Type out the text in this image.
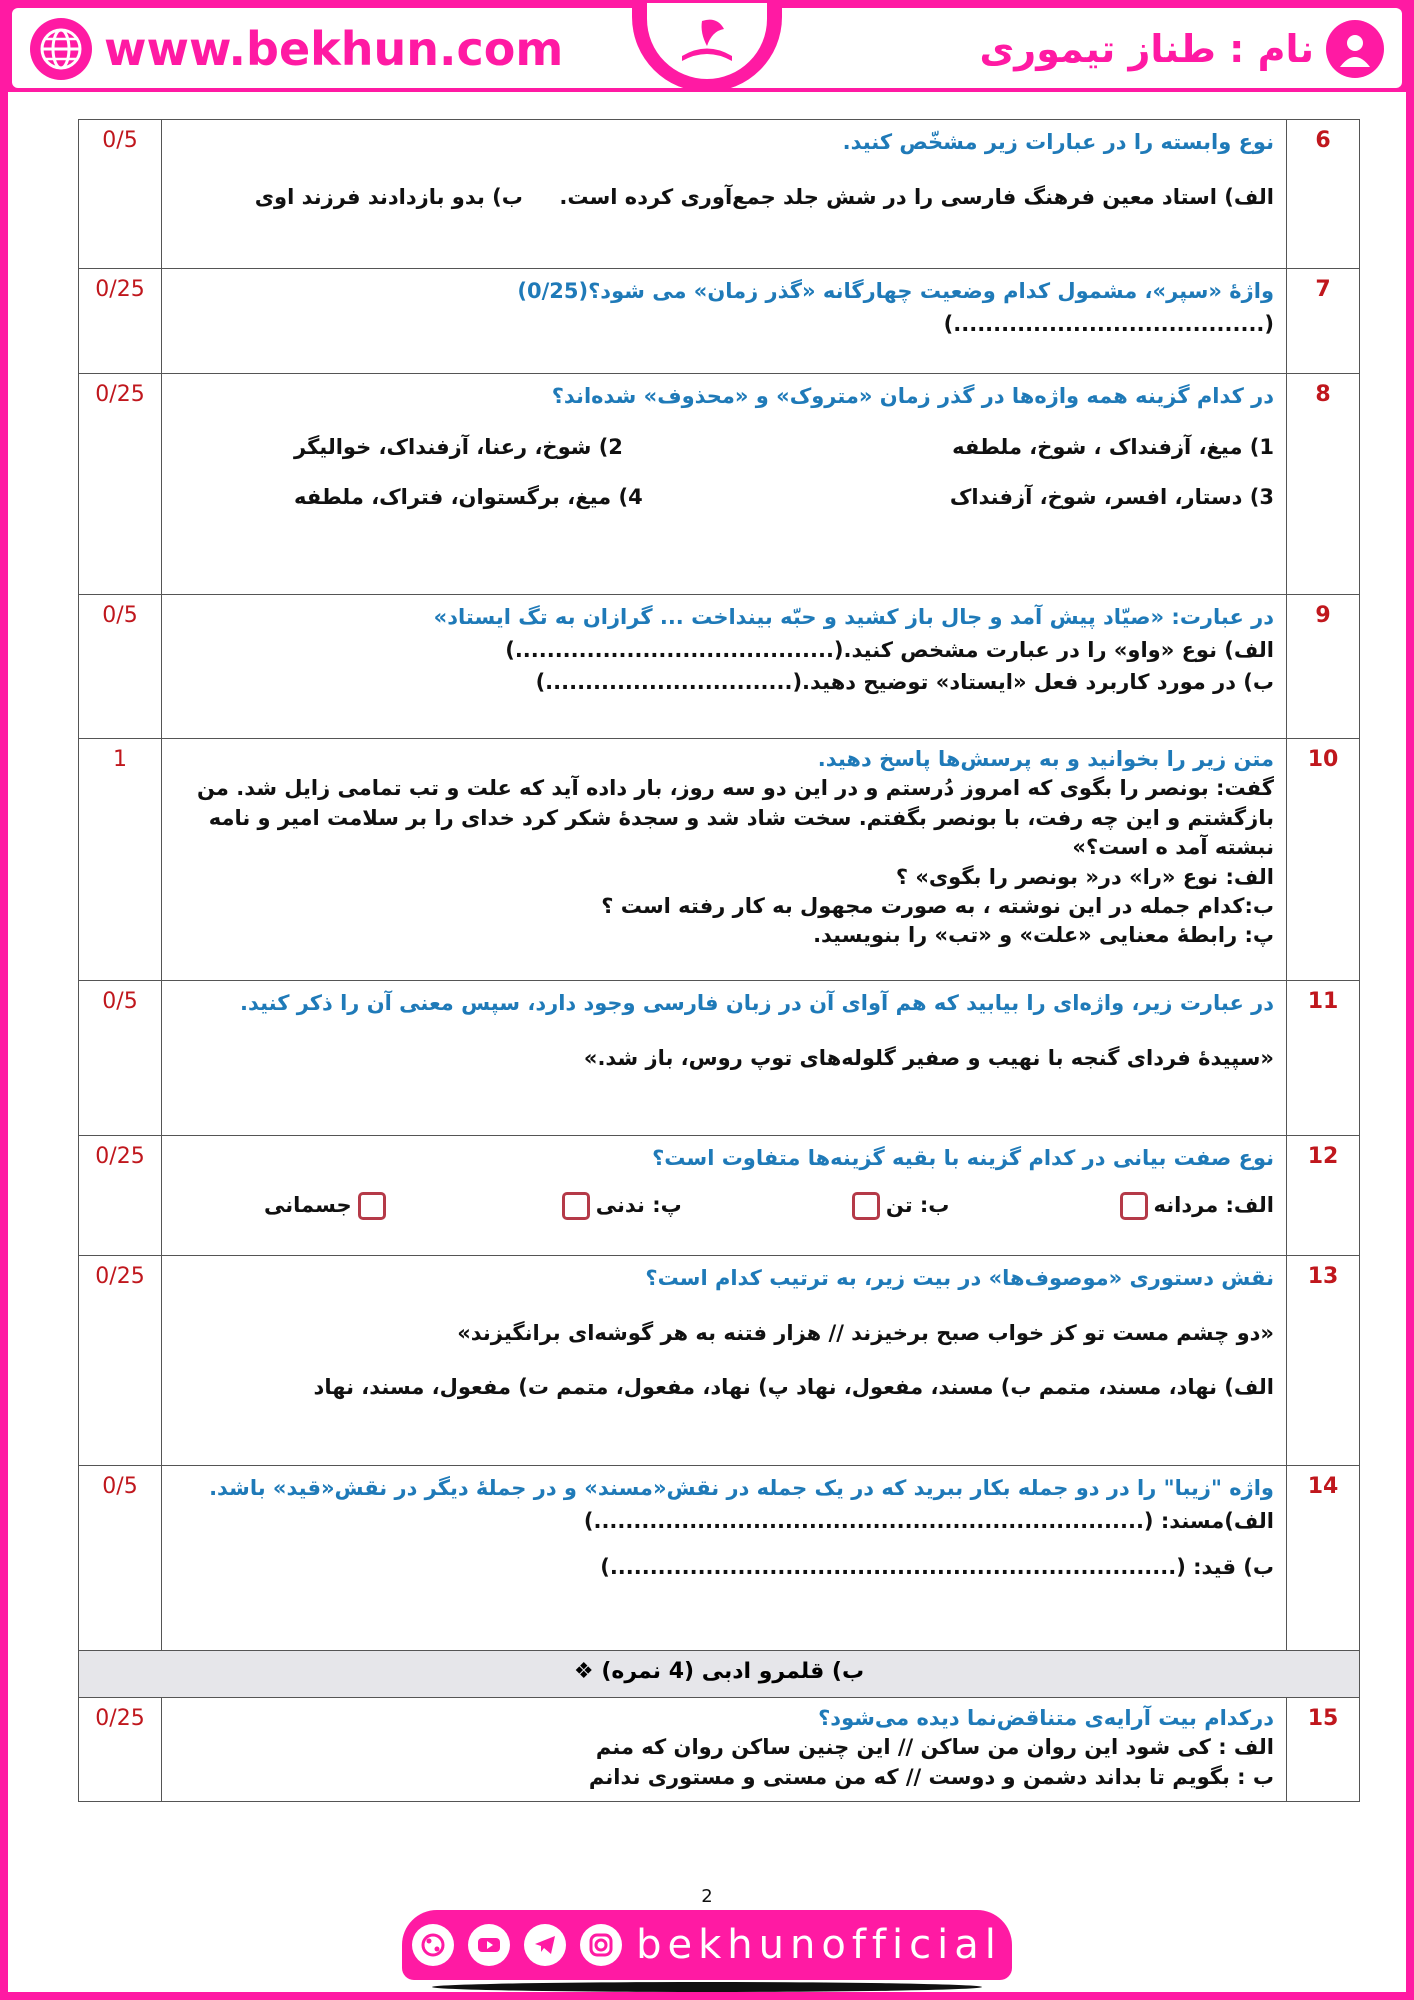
www.bekhun.com	نام : طناز تیموری
0/5	نوع وابسته را در عبارات زیر مشخّص کنید.
الف) استاد معین فرهنگ فارسی را در شش جلد جمع‌آوری کرده است.     ب) بدو بازدادند فرزند اوی	6
0/25	واژهٔ «سپر»، مشمول کدام وضعیت چهارگانه «گذر زمان» می شود؟(0/25)
(.......................................)	7
0/25	در کدام گزینه همه واژه‌ها در گذر زمان «متروک» و «محذوف» شده‌اند؟
1) میغ، آزفنداک ، شوخ، ملطفه
2) شوخ، رعنا، آزفنداک، خوالیگر
3) دستار، افسر، شوخ، آزفنداک
4) میغ، برگستوان، فتراک، ملطفه	8
0/5	در عبارت: «صیّاد پیش آمد و جال باز کشید و حبّه بینداخت ... گرازان به تگ ایستاد»
الف) نوع «واو» را در عبارت مشخص کنید.(........................................)
ب) در مورد کاربرد فعل «ایستاد» توضیح دهید.(...............................)	9
1	متن زیر را بخوانید و به پرسش‌ها پاسخ دهید.
گفت: بونصر را بگوی که امروز دُرستم و در این دو سه روز، بار داده آید که علت و تب تمامی زایل شد. من بازگشتم و این چه رفت، با بونصر بگفتم. سخت شاد شد و سجدهٔ شکر کرد خدای را بر سلامت امیر و نامه نبشته آمد ه است؟»
الف: نوع «را» در« بونصر را بگوی» ؟
ب:کدام جمله در این نوشته ، به صورت مجهول به کار رفته است ؟
پ: رابطهٔ معنایی «علت» و «تب» را بنویسید.	10
0/5	در عبارت زیر، واژه‌ای را بیابید که هم آوای آن در زبان فارسی وجود دارد، سپس معنی آن را ذکر کنید.
«سپیدهٔ فردای گنجه با نهیب و صفیر گلوله‌های توپ روس، باز شد.»	11
0/25	نوع صفت بیانی در کدام گزینه با بقیه گزینه‌ها متفاوت است؟
الف: مردانه
ب: تن
پ: ندنی
جسمانی	12
0/25	نقش دستوری «موصوف‌ها» در بیت زیر، به ترتیب کدام است؟
«دو چشم مست تو کز خواب صبح برخیزند // هزار فتنه به هر گوشه‌ای برانگیزند»
الف) نهاد، مسند، متمم ب) مسند، مفعول، نهاد پ) نهاد، مفعول، متمم ت) مفعول، مسند، نهاد	13
0/5	واژه "زیبا" را در دو جمله بکار ببرید که در یک جمله در نقش«مسند» و در جملهٔ دیگر در نقش«قید» باشد.
الف)مسند: (.....................................................................)
ب) قید: (.......................................................................)	14
❖ ب) قلمرو ادبی (4 نمره)		
0/25	درکدام بیت آرایه‌ی متناقض‌نما دیده می‌شود؟
الف : کی شود این روان من ساکن // این چنین ساکن روان که منم
ب : بگویم تا بداند دشمن و دوست // که من مستی و مستوری ندانم	15
2
bekhunofficial
